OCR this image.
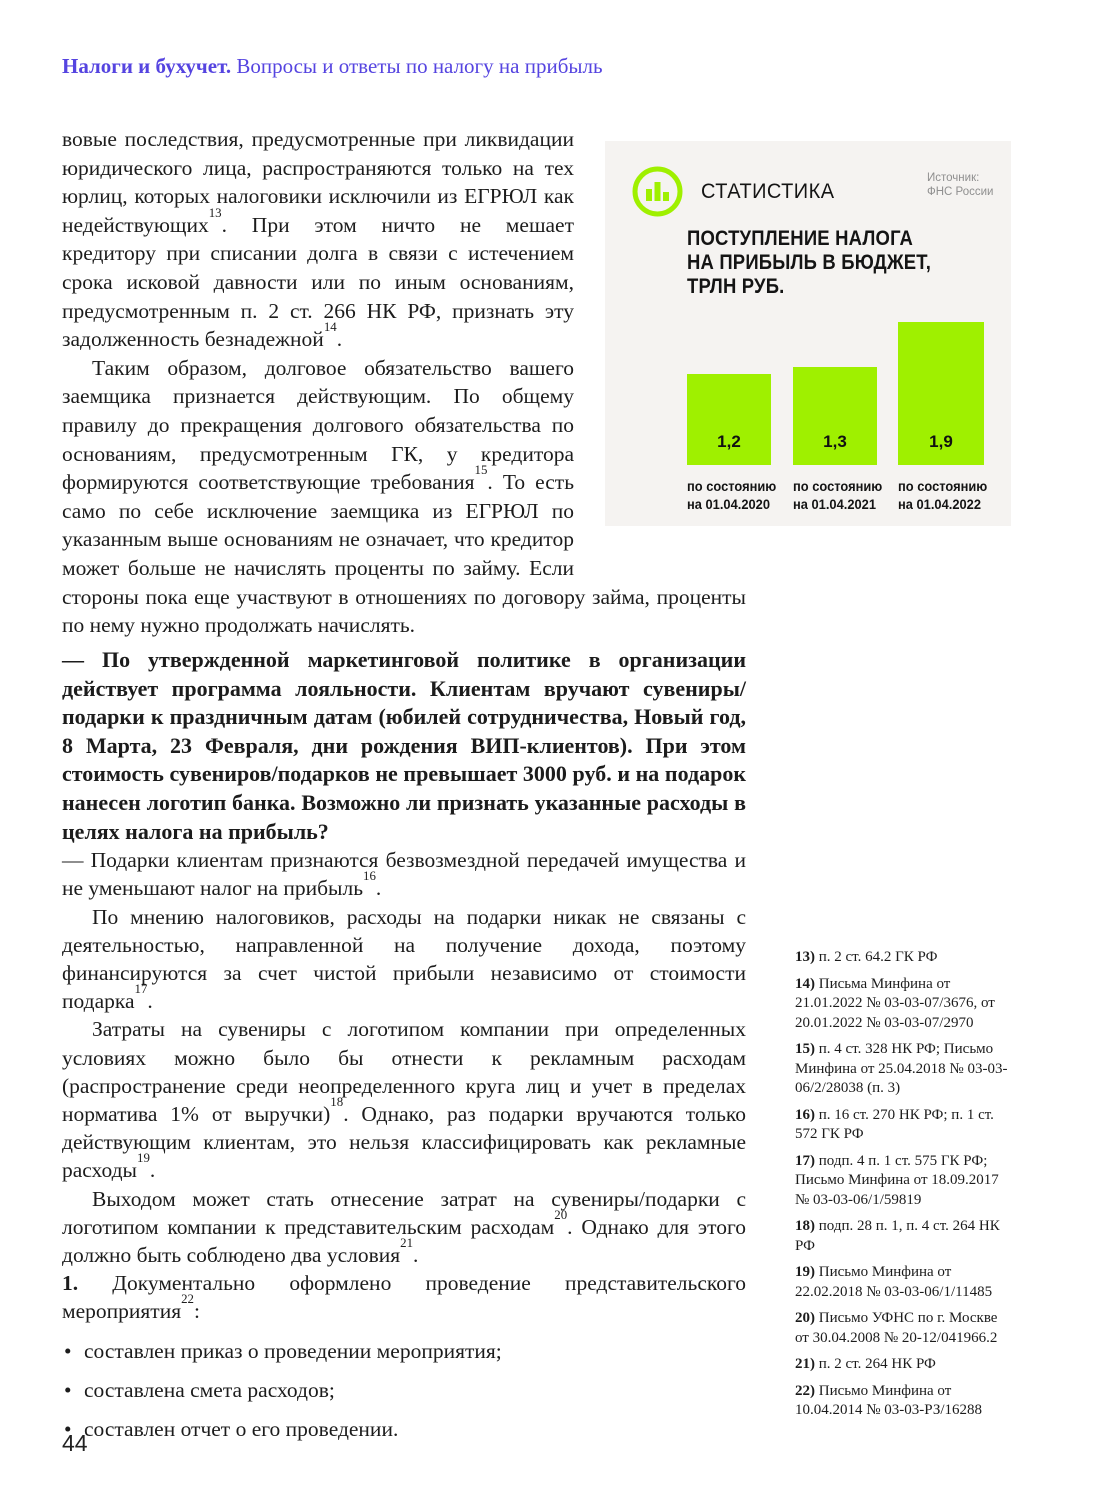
Налоги и бухучет. Вопросы и ответы по налогу на прибыль
СТАТИСТИКА
Источник:
ФНС России
ПОСТУПЛЕНИЕ НАЛОГА
НА ПРИБЫЛЬ В БЮДЖЕТ,
ТРЛН РУБ.
1,2	1,3	1,9
по состоянию
на 01.04.2020
по состоянию
на 01.04.2021
по состоянию
на 01.04.2022

вовые последствия, предусмотренные при ликвидации юридического лица, распространяются только на тех юрлиц, которых налоговики исключили из ЕГРЮЛ как недействующих$^{13}$. При этом ничто не мешает кредитору при списании долга в связи с истечением срока исковой давности или по иным основаниям, предусмотренным п. 2 ст. 266 НК РФ, признать эту задолженность безнадежной$^{14}$.

Таким образом, долговое обязательство вашего заемщика признается действующим. По общему правилу до прекращения долгового обязательства по основаниям, предусмотренным ГК, у кредитора формируются соответствующие требования$^{15}$. То есть само по себе исключение заемщика из ЕГРЮЛ по указанным выше основаниям не означает, что кредитор может больше не начислять проценты по займу. Если стороны пока еще участвуют в отношениях по договору займа, проценты по нему нужно продолжать начислять.

— По утвержденной маркетинговой политике в организации действует программа лояльности. Клиентам вручают сувениры/подарки к праздничным датам (юбилей сотрудничества, Новый год, 8 Марта, 23 Февраля, дни рождения ВИП-клиентов). При этом стоимость сувениров/подарков не превышает 3000 руб. и на подарок нанесен логотип банка. Возможно ли признать указанные расходы в целях налога на прибыль?

— Подарки клиентам признаются безвозмездной передачей имущества и не уменьшают налог на прибыль$^{16}$.

По мнению налоговиков, расходы на подарки никак не связаны с деятельностью, направленной на получение дохода, поэтому финансируются за счет чистой прибыли независимо от стоимости подарка$^{17}$.

Затраты на сувениры с логотипом компании при определенных условиях можно было бы отнести к рекламным расходам (распространение среди неопределенного круга лиц и учет в пределах норматива 1% от выручки)$^{18}$. Однако, раз подарки вручаются только действующим клиентам, это нельзя классифицировать как рекламные расходы$^{19}$.

Выходом может стать отнесение затрат на сувениры/подарки с логотипом компании к представительским расходам$^{20}$. Однако для этого должно быть соблюдено два условия$^{21}$.

1. Документально оформлено проведение представительского мероприятия$^{22}$:

• составлен приказ о проведении мероприятия;
• составлена смета расходов;
• составлен отчет о его проведении.
13) п. 2 ст. 64.2 ГК РФ
14) Письма Минфина от 21.01.2022 № 03-03-07/3676, от 20.01.2022 № 03-03-07/2970
15) п. 4 ст. 328 НК РФ; Письмо Минфина от 25.04.2018 № 03-03-06/2/28038 (п. 3)
16) п. 16 ст. 270 НК РФ; п. 1 ст. 572 ГК РФ
17) подп. 4 п. 1 ст. 575 ГК РФ; Письмо Минфина от 18.09.2017 № 03-03-06/1/59819
18) подп. 28 п. 1, п. 4 ст. 264 НК РФ
19) Письмо Минфина от 22.02.2018 № 03-03-06/1/11485
20) Письмо УФНС по г. Москве от 30.04.2008 № 20-12/041966.2
21) п. 2 ст. 264 НК РФ
22) Письмо Минфина от 10.04.2014 № 03-03-РЗ/16288
44
